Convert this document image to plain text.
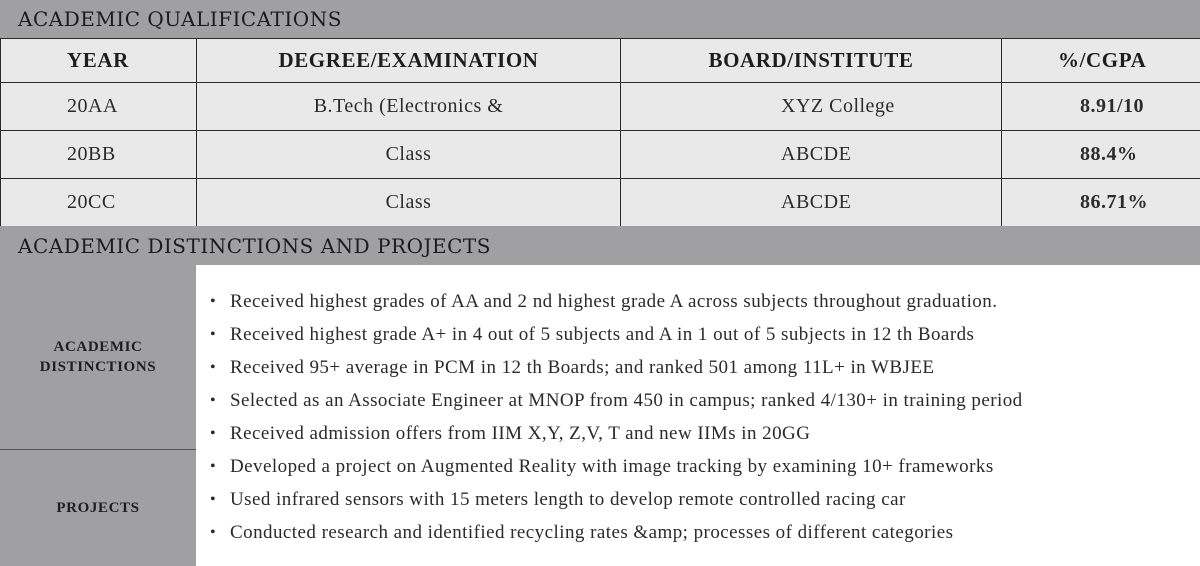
ACADEMIC QUALIFICATIONS
YEAR	DEGREE/EXAMINATION	BOARD/INSTITUTE	%/CGPA
20AA	B.Tech (Electronics &	XYZ College	8.91/10
20BB	Class	ABCDE	88.4%
20CC	Class	ABCDE	86.71%
ACADEMIC DISTINCTIONS AND PROJECTS
ACADEMIC
DISTINCTIONS
PROJECTS
• Received highest grades of AA and 2 nd highest grade A across subjects throughout graduation.
• Received highest grade A+ in 4 out of 5 subjects and A in 1 out of 5 subjects in 12 th Boards
• Received 95+ average in PCM in 12 th Boards; and ranked 501 among 11L+ in WBJEE
• Selected as an Associate Engineer at MNOP from 450 in campus; ranked 4/130+ in training period
• Received admission offers from IIM X,Y, Z,V, T and new IIMs in 20GG
• Developed a project on Augmented Reality with image tracking by examining 10+ frameworks
• Used infrared sensors with 15 meters length to develop remote controlled racing car
• Conducted research and identified recycling rates &amp; processes of different categories
